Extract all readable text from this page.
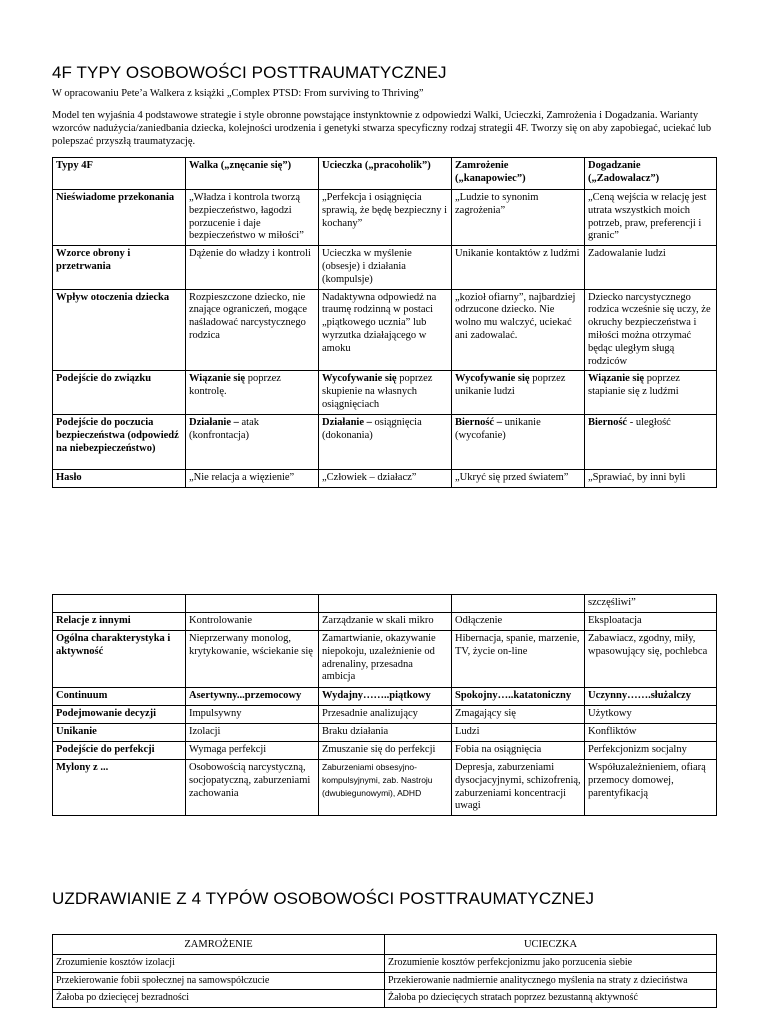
4F TYPY OSOBOWOŚCI POSTTRAUMATYCZNEJ

W opracowaniu Pete’a Walkera z książki „Complex PTSD: From surviving to Thriving”

Model ten wyjaśnia 4 podstawowe strategie i style obronne powstające instynktownie z odpowiedzi Walki, Ucieczki, Zamrożenia i Dogadzania. Warianty wzorców nadużycia/zaniedbania dziecka, kolejności urodzenia i genetyki stwarza specyficzny rodzaj strategii 4F. Tworzy się on aby zapobiegać, uciekać lub polepszać przyszłą traumatyzację.

Typy 4F	Walka („znęcanie się”)	Ucieczka („pracoholik”)	Zamrożenie („kanapowiec”)	Dogadzanie („Zadowalacz”)
Nieświadome przekonania	„Władza i kontrola tworzą bezpieczeństwo, łagodzi porzucenie i daje bezpieczeństwo w miłości”	„Perfekcja i osiągnięcia sprawią, że będę bezpieczny i kochany”	„Ludzie to synonim zagrożenia”	„Ceną wejścia w relację jest utrata wszystkich moich potrzeb, praw, preferencji i granic”
Wzorce obrony i przetrwania	Dążenie do władzy i kontroli	Ucieczka w myślenie (obsesje) i działania (kompulsje)	Unikanie kontaktów z ludźmi	Zadowalanie ludzi
Wpływ otoczenia dziecka	Rozpieszczone dziecko, nie znające ograniczeń, mogące naśladować narcystycznego rodzica	Nadaktywna odpowiedź na traumę rodzinną w postaci „piątkowego ucznia” lub wyrzutka działającego w amoku	„kozioł ofiarny”, najbardziej odrzucone dziecko. Nie wolno mu walczyć, uciekać ani zadowalać.	Dziecko narcystycznego rodzica wcześnie się uczy, że okruchy bezpieczeństwa i miłości można otrzymać będąc uległym sługą rodziców
Podejście do związku	Wiązanie się poprzez kontrolę.	Wycofywanie się poprzez skupienie na własnych osiągnięciach	Wycofywanie się poprzez unikanie ludzi	Wiązanie się poprzez stapianie się z ludźmi
Podejście do poczucia bezpieczeństwa (odpowiedź na niebezpieczeństwo)	Działanie – atak (konfrontacja)	Działanie – osiągnięcia (dokonania)	Bierność – unikanie (wycofanie)	Bierność - uległość
Hasło	„Nie relacja a więzienie”	„Człowiek – działacz”	„Ukryć się przed światem”	„Sprawiać, by inni byli
				szczęśliwi”
Relacje z innymi	Kontrolowanie	Zarządzanie w skali mikro	Odłączenie	Eksploatacja
Ogólna charakterystyka i aktywność	Nieprzerwany monolog, krytykowanie, wściekanie się	Zamartwianie, okazywanie niepokoju, uzależnienie od adrenaliny, przesadna ambicja	Hibernacja, spanie, marzenie, TV, życie on-line	Zabawiacz, zgodny, miły, wpasowujący się, pochlebca
Continuum	Asertywny...przemocowy	Wydajny……..piątkowy	Spokojny…..katatoniczny	Uczynny…….służalczy
Podejmowanie decyzji	Impulsywny	Przesadnie analizujący	Zmagający się	Użytkowy
Unikanie	Izolacji	Braku działania	Ludzi	Konfliktów
Podejście do perfekcji	Wymaga perfekcji	Zmuszanie się do perfekcji	Fobia na osiągnięcia	Perfekcjonizm socjalny
Mylony z ...	Osobowością narcystyczną, socjopatyczną, zaburzeniami zachowania	Zaburzeniami obsesyjno-kompulsyjnymi, zab. Nastroju (dwubiegunowymi), ADHD	Depresja, zaburzeniami dysocjacyjnymi, schizofrenią, zaburzeniami koncentracji uwagi	Współuzależnieniem, ofiarą przemocy domowej, parentyfikacją
UZDRAWIANIE Z 4 TYPÓW OSOBOWOŚCI POSTTRAUMATYCZNEJ
ZAMROŻENIE	UCIECZKA
Zrozumienie kosztów izolacji	Zrozumienie kosztów perfekcjonizmu jako porzucenia siebie
Przekierowanie fobii społecznej na samowspółczucie	Przekierowanie nadmiernie analitycznego myślenia na straty z dzieciństwa
Żałoba po dziecięcej bezradności	Żałoba po dziecięcych stratach poprzez bezustanną aktywność
